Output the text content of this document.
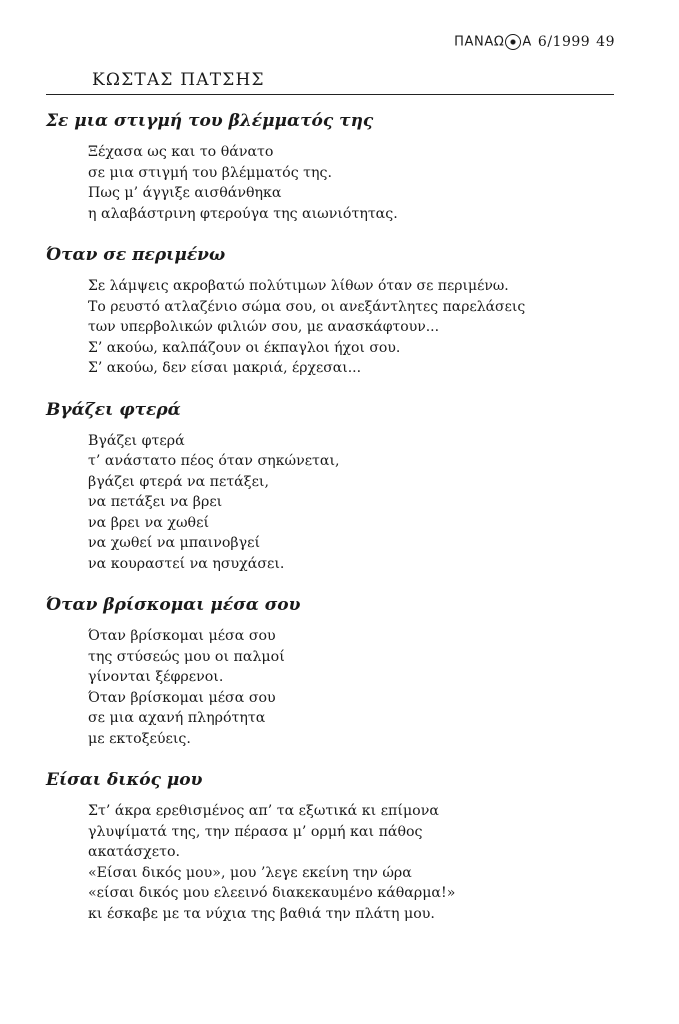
ΠΑΝΑΩ Α 6/1999 49
ΚΩΣΤΑΣ ΠΑΤΣΗΣ
Σε μια στιγμή του βλέμματός της
Ξέχασα ως και το θάνατο
σε μια στιγμή του βλέμματός της.
Πως μ’ άγγιξε αισθάνθηκα
η αλαβάστρινη φτερούγα της αιωνιότητας.
Όταν σε περιμένω
Σε λάμψεις ακροβατώ πολύτιμων λίθων όταν σε περιμένω.
Το ρευστό ατλαζένιο σώμα σου, οι ανεξάντλητες παρελάσεις
των υπερβολικών φιλιών σου, με ανασκάφτουν...
Σ’ ακούω, καλπάζουν οι έκπαγλοι ήχοι σου.
Σ’ ακούω, δεν είσαι μακριά, έρχεσαι...
Βγάζει φτερά
Βγάζει φτερά
τ’ ανάστατο πέος όταν σηκώνεται,
βγάζει φτερά να πετάξει,
να πετάξει να βρει
να βρει να χωθεί
να χωθεί να μπαινοβγεί
να κουραστεί να ησυχάσει.
Όταν βρίσκομαι μέσα σου
Όταν βρίσκομαι μέσα σου
της στύσεώς μου οι παλμοί
γίνονται ξέφρενοι.
Όταν βρίσκομαι μέσα σου
σε μια αχανή πληρότητα
με εκτοξεύεις.
Είσαι δικός μου
Στ’ άκρα ερεθισμένος απ’ τα εξωτικά κι επίμονα
γλυψίματά της, την πέρασα μ’ ορμή και πάθος
ακατάσχετο.
«Είσαι δικός μου», μου ’λεγε εκείνη την ώρα
«είσαι δικός μου ελεεινό διακεκαυμένο κάθαρμα!»
κι έσκαβε με τα νύχια της βαθιά την πλάτη μου.
